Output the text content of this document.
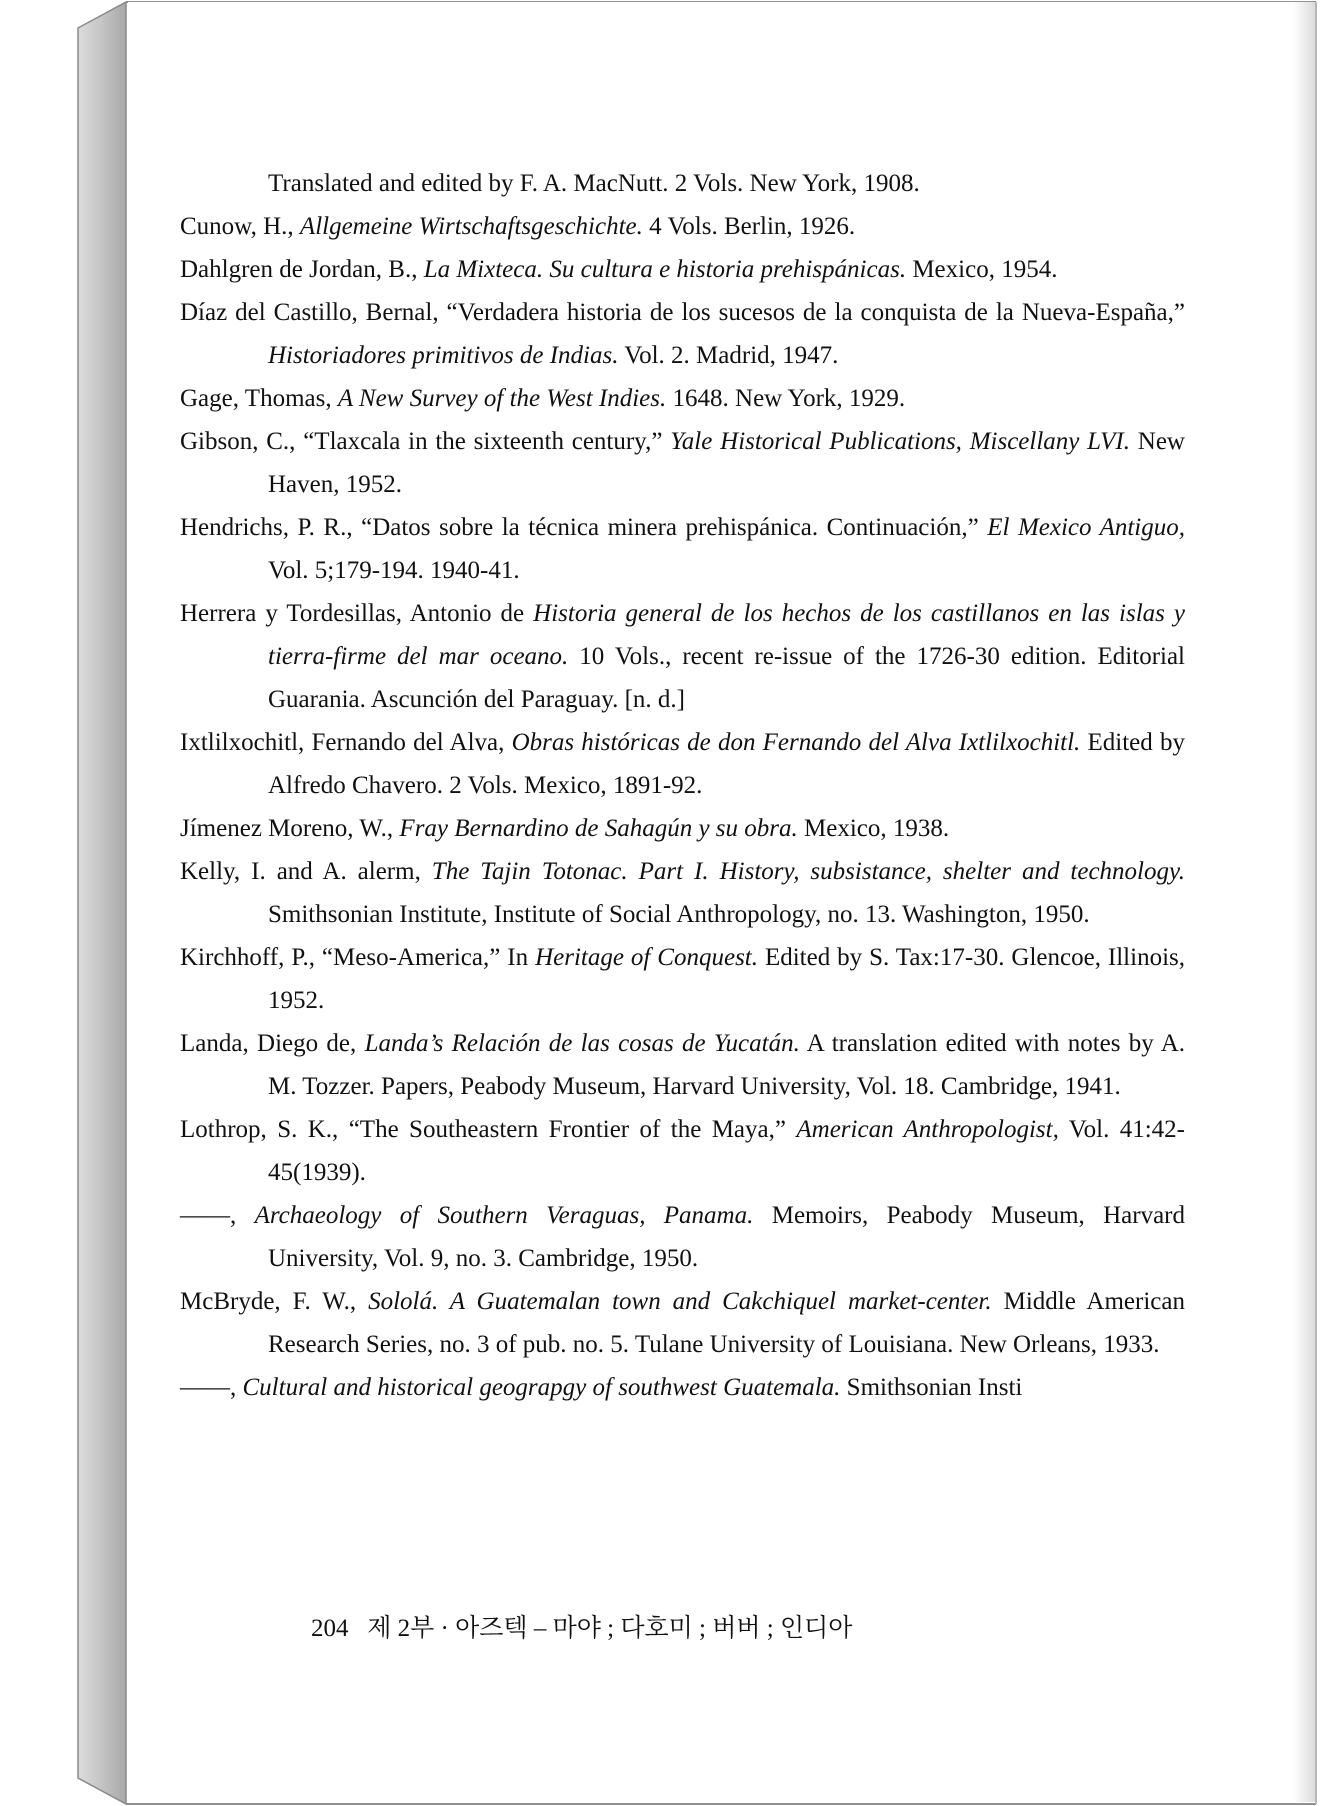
Translated and edited by F. A. MacNutt. 2 Vols. New York, 1908.

Cunow, H., Allgemeine Wirtschaftsgeschichte. 4 Vols. Berlin, 1926.

Dahlgren de Jordan, B., La Mixteca. Su cultura e historia prehispánicas. Mexico, 1954.

Díaz del Castillo, Bernal, “Verdadera historia de los sucesos de la conquista de la Nueva-España,” Historiadores primitivos de Indias. Vol. 2. Madrid, 1947.

Gage, Thomas, A New Survey of the West Indies. 1648. New York, 1929.

Gibson, C., “Tlaxcala in the sixteenth century,” Yale Historical Publications, Miscellany LVI. New Haven, 1952.

Hendrichs, P. R., “Datos sobre la técnica minera prehispánica. Continuación,” El Mexico Antiguo, Vol. 5;179-194. 1940-41.

Herrera y Tordesillas, Antonio de Historia general de los hechos de los castillanos en las islas y tierra-firme del mar oceano. 10 Vols., recent re-issue of the 1726-30 edition. Editorial Guarania. Ascunción del Paraguay. [n. d.]

Ixtlilxochitl, Fernando del Alva, Obras históricas de don Fernando del Alva Ixtlilxochitl. Edited by Alfredo Chavero. 2 Vols. Mexico, 1891-92.

Jímenez Moreno, W., Fray Bernardino de Sahagún y su obra. Mexico, 1938.

Kelly, I. and A. alerm, The Tajin Totonac. Part I. History, subsistance, shelter and technology. Smithsonian Institute, Institute of Social Anthropology, no. 13. Washington, 1950.

Kirchhoff, P., “Meso-America,” In Heritage of Conquest. Edited by S. Tax:17-30. Glencoe, Illinois, 1952.

Landa, Diego de, Landa’s Relación de las cosas de Yucatán. A translation edited with notes by A. M. Tozzer. Papers, Peabody Museum, Harvard University, Vol. 18. Cambridge, 1941.

Lothrop, S. K., “The Southeastern Frontier of the Maya,” American Anthropologist, Vol. 41:42-45(1939).

——, Archaeology of Southern Veraguas, Panama. Memoirs, Peabody Museum, Harvard University, Vol. 9, no. 3. Cambridge, 1950.

McBryde, F. W., Sololá. A Guatemalan town and Cakchiquel market-center. Middle American Research Series, no. 3 of pub. no. 5. Tulane University of Louisiana. New Orleans, 1933.

——, Cultural and historical geograpgy of southwest Guatemala. Smithsonian Insti

204 제 2부 · 아즈텍 – 마야 ; 다호미 ; 버버 ; 인디아
